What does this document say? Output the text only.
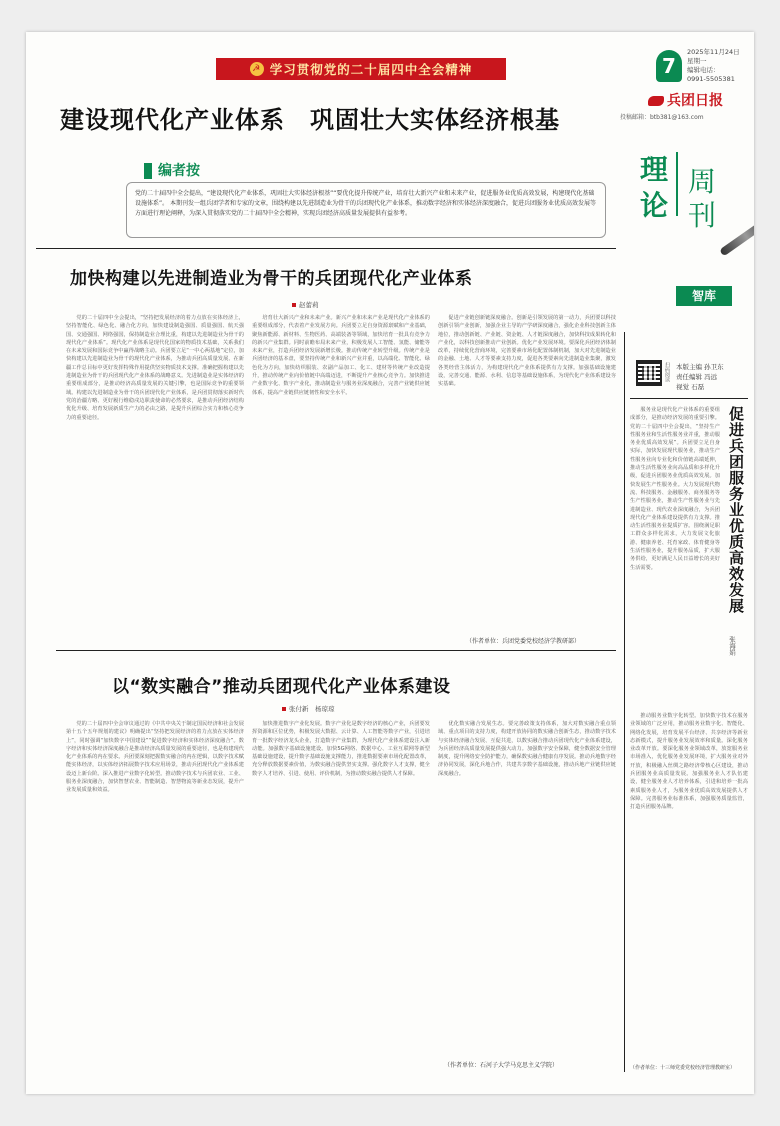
☭ 学习贯彻党的二十届四中全会精神	7
2025年11月24日
星期一
编辑电话：
0991-5505381
兵团日报
投稿邮箱：btb381@163.com
建设现代化产业体系　巩固壮大实体经济根基
理
论
周
刊
智库
编者按

党的二十届四中全会提出，“建设现代化产业体系，巩固壮大实体经济根基”“要优化提升传统产业，培育壮大新兴产业和未来产业，促进服务业优质高效发展，构建现代化基础设施体系”。 本期刊发一组兵团学者和专家的文章，围绕构建以先进制造业为骨干的兵团现代化产业体系，推动数字经济和实体经济深度融合，促进兵团服务业优质高效发展等方面进行理论阐释，为深入贯彻落实党的二十届四中全会精神，实现兵团经济高质量发展提供有益参考。

加快构建以先进制造业为骨干的兵团现代化产业体系
赵蕾莉

党的二十届四中全会提出，“坚持把发展经济的着力点放在实体经济上，坚持智能化、绿色化、融合化方向，加快建设制造强国、质量强国、航天强国、交通强国、网络强国，保持制造业合理比重，构建以先进制造业为骨干的现代化产业体系”。现代化产业体系是现代化国家的物质技术基础，关系我们在未来发展和国际竞争中赢得战略主动。兵团要立足“一中心两基地”定位，加快构建以先进制造业为骨干的现代化产业体系，为推动兵团高质量发展、在新疆工作总目标中更好发挥特殊作用提供坚实物质技术支撑。准确把握构建以先进制造业为骨干的兵团现代化产业体系的战略意义。先进制造业是实体经济的重要组成部分，是推动经济高质量发展的关键引擎，也是国际竞争的重要领域。构建以先进制造业为骨干的兵团现代化产业体系，是兵团贯彻落实新时代党的治疆方略、更好履行维稳戍边职责使命的必然要求，是推动兵团经济结构优化升级、培育发展新质生产力的必由之路，是提升兵团综合实力和核心竞争力的重要途径。

培育壮大新兴产业和未来产业。新兴产业和未来产业是现代化产业体系的重要组成部分，代表着产业发展方向。兵团要立足自身资源禀赋和产业基础，聚焦新能源、新材料、生物医药、高端装备等领域，加快培育一批具有竞争力的新兴产业集群。同时前瞻布局未来产业，积极发展人工智能、氢能、储能等未来产业，打造兵团经济发展新增长极。推动传统产业转型升级。传统产业是兵团经济的基本盘，要坚持传统产业和新兴产业并重，以高端化、智能化、绿色化为方向，加快纺织服装、农副产品加工、化工、建材等传统产业改造提升，推动传统产业向价值链中高端迈进，不断提升产业核心竞争力。加快推进产业数字化、数字产业化，推动制造业与服务业深度融合，完善产业链供应链体系，提高产业链供应链韧性和安全水平。

促进产业链创新链深度融合。创新是引领发展的第一动力，兵团要以科技创新引领产业创新，加强企业主导的产学研深度融合，强化企业科技创新主体地位，推动创新链、产业链、资金链、人才链深度融合，加快科技成果转化和产业化，以科技创新推动产业创新。优化产业发展环境。要深化兵团经济体制改革，持续优化营商环境，完善要素市场化配置体制机制，加大对先进制造业的金融、土地、人才等要素支持力度，促进各类要素向先进制造业集聚，激发各类经营主体活力，为构建现代化产业体系提供有力支撑。加强基础设施建设，完善交通、能源、水利、信息等基础设施体系，为现代化产业体系建设夯实基础。

（作者单位：兵团党委党校经济学教研部）
以“数实融合”推动兵团现代化产业体系建设
张付新　杨琼琼

党的二十届四中全会审议通过的《中共中央关于制定国民经济和社会发展第十五个五年规划的建议》明确提出“坚持把发展经济的着力点放在实体经济上”，同时强调“加快数字中国建设”“促进数字经济和实体经济深度融合”。数字经济和实体经济深度融合是推动经济高质量发展的重要途径，也是构建现代化产业体系的内在要求。兵团要深刻把握数实融合的内在逻辑，以数字技术赋能实体经济，以实体经济拓展数字技术应用场景，推动兵团现代化产业体系建设迈上新台阶。深入推进产业数字化转型。推动数字技术与兵团农业、工业、服务业深度融合，加快智慧农业、智能制造、智慧物流等新业态发展，提升产业发展质量和效益。

加快推进数字产业化发展。数字产业化是数字经济的核心产业，兵团要发挥资源和区位优势，积极发展大数据、云计算、人工智能等数字产业，引进培育一批数字经济龙头企业，打造数字产业集群，为现代化产业体系建设注入新动能。加强数字基础设施建设。加快5G网络、数据中心、工业互联网等新型基础设施建设，提升数字基础设施支撑能力，推进数据要素市场化配置改革，充分释放数据要素价值，为数实融合提供坚实支撑。强化数字人才支撑，健全数字人才培养、引进、使用、评价机制，为推动数实融合提供人才保障。

优化数实融合发展生态。要完善政策支持体系，加大对数实融合重点领域、重点项目的支持力度，构建开放协同的数实融合创新生态，推动数字技术与实体经济融合发展、互促共进，以数实融合推动兵团现代化产业体系建设，为兵团经济高质量发展提供强大动力。加强数字安全保障，健全数据安全管理制度，提升网络安全防护能力，确保数实融合健康有序发展。推动兵地数字经济协同发展，深化兵地合作，共建共享数字基础设施，推动兵地产业链供应链深度融合。

（作者单位：石河子大学马克思主义学院）
扫码阅读 本版主编 孙卫东
责任编辑 冯远
视觉 石磊
促进兵团服务业优质高效发展
张海娟

服务业是现代化产业体系的重要组成部分，是推动经济发展的重要引擎。党的二十届四中全会提出，“坚持生产性服务业和生活性服务业并重，推动服务业优质高效发展”。兵团要立足自身实际，加快发展现代服务业，推动生产性服务业向专业化和价值链高端延伸，推动生活性服务业向高品质和多样化升级，促进兵团服务业优质高效发展。加快发展生产性服务业。大力发展现代物流、科技服务、金融服务、商务服务等生产性服务业，推动生产性服务业与先进制造业、现代农业深度融合，为兵团现代化产业体系建设提供有力支撑。推动生活性服务业提质扩容。围绕满足职工群众多样化需求，大力发展文化旅游、健康养老、托育家政、体育健身等生活性服务业，提升服务品质，扩大服务供给，更好满足人民日益增长的美好生活需要。

推动服务业数字化转型。加快数字技术在服务业领域的广泛应用，推动服务业数字化、智能化、网络化发展，培育发展平台经济、共享经济等新业态新模式，提升服务业发展效率和质量。深化服务业改革开放。要深化服务业领域改革，放宽服务业市场准入，优化服务业发展环境，扩大服务业对外开放，积极融入丝绸之路经济带核心区建设，推动兵团服务业高质量发展。加强服务业人才队伍建设，健全服务业人才培养体系，引进和培养一批高素质服务业人才，为服务业优质高效发展提供人才保障。完善服务业标准体系，加强服务质量监管，打造兵团服务品牌。

（作者单位：十三师党委党校经济管理教研室）
